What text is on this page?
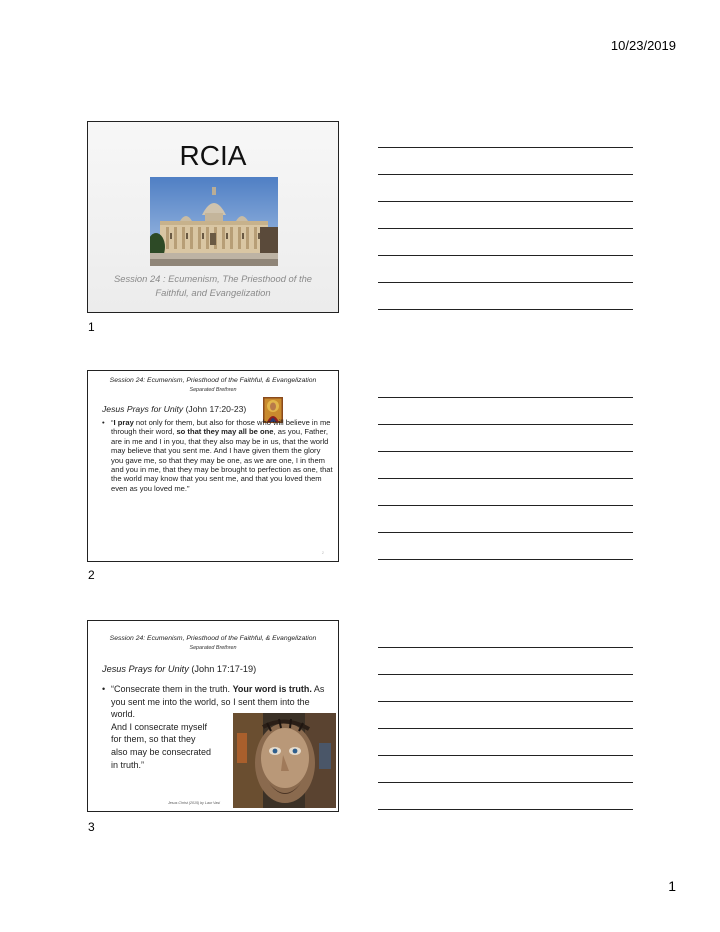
10/23/2019
RCIA
Session 24 : Ecumenism, The Priesthood of the Faithful, and Evangelization
1
Session 24: Ecumenism, Priesthood of the Faithful, & Evangelization
Separated Brethren
Jesus Prays for Unity (John 17:20-23)
• “I pray not only for them, but also for those who will believe in me through their word, so that they may all be one, as you, Father, are in me and I in you, that they also may be in us, that the world may believe that you sent me. And I have given them the glory you gave me, so that they may be one, as we are one, I in them and you in me, that they may be brought to perfection as one, that the world may know that you sent me, and that you loved them even as you loved me.”
2
2
Session 24: Ecumenism, Priesthood of the Faithful, & Evangelization
Separated Brethren
Jesus Prays for Unity (John 17:17-19)
• “Consecrate them in the truth. Your word is truth. As you sent me into the world, so I sent them into the world.
And I consecrate myself
for them, so that they
also may be consecrated
in truth.”
Jesus Christ (2015) by Laur Vasi
3
1
